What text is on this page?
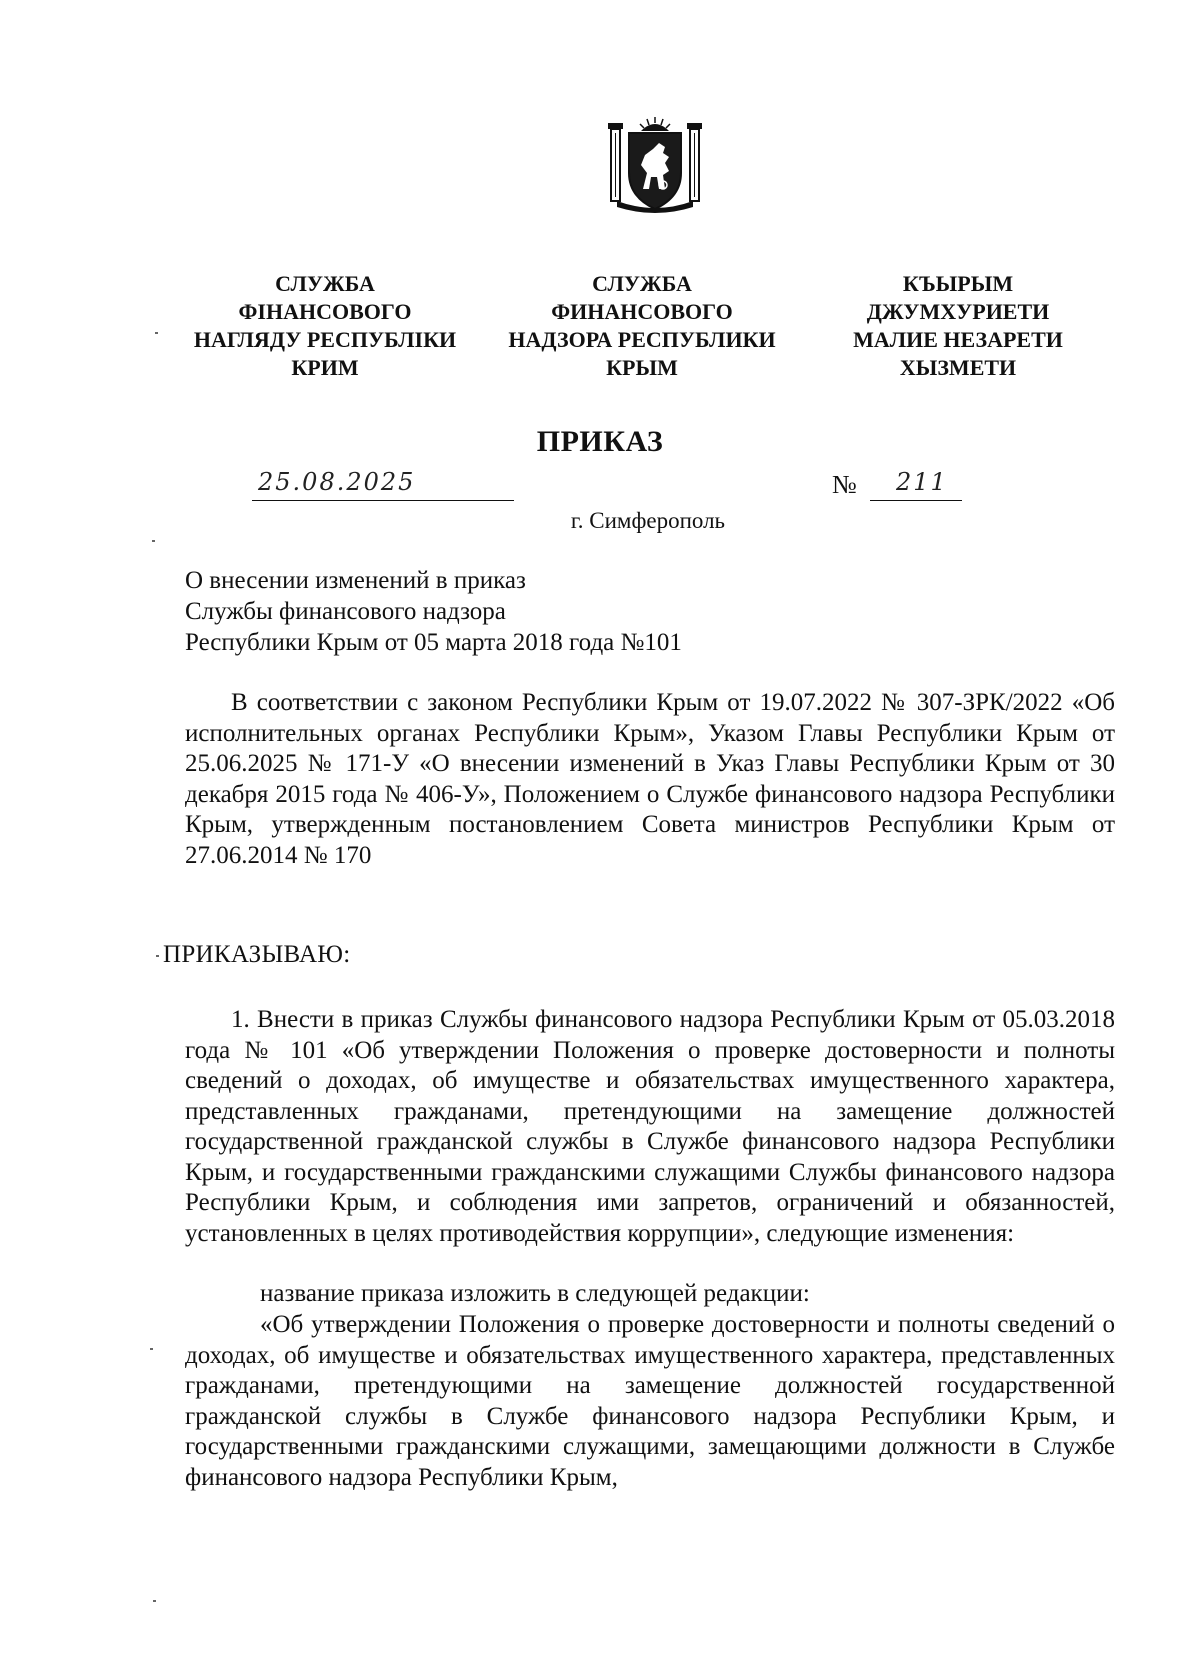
СЛУЖБА
ФІНАНСОВОГО
НАГЛЯДУ РЕСПУБЛІКИ
КРИМ
СЛУЖБА
ФИНАНСОВОГО
НАДЗОРА РЕСПУБЛИКИ
КРЫМ
КЪЫРЫМ
ДЖУМХУРИЕТИ
МАЛИЕ НЕЗАРЕТИ
ХЫЗМЕТИ
ПРИКАЗ
25.08.2025	№ 211
г. Симферополь
О внесении изменений в приказ
Службы финансового надзора
Республики Крым от 05 марта 2018 года №101
В соответствии с законом Республики Крым от 19.07.2022 № 307-ЗРК/2022 «Об исполнительных органах Республики Крым», Указом Главы Республики Крым от 25.06.2025 № 171-У «О внесении изменений в Указ Главы Республики Крым от 30 декабря 2015 года № 406-У», Положением о Службе финансового надзора Республики Крым, утвержденным постановлением Совета министров Республики Крым от 27.06.2014 № 170
ПРИКАЗЫВАЮ:
1. Внести в приказ Службы финансового надзора Республики Крым от 05.03.2018 года № 101 «Об утверждении Положения о проверке достоверности и полноты сведений о доходах, об имуществе и обязательствах имущественного характера, представленных гражданами, претендующими на замещение должностей государственной гражданской службы в Службе финансового надзора Республики Крым, и государственными гражданскими служащими Службы финансового надзора Республики Крым, и соблюдения ими запретов, ограничений и обязанностей, установленных в целях противодействия коррупции», следующие изменения:
название приказа изложить в следующей редакции:
«Об утверждении Положения о проверке достоверности и полноты сведений о доходах, об имуществе и обязательствах имущественного характера, представленных гражданами, претендующими на замещение должностей государственной гражданской службы в Службе финансового надзора Республики Крым, и государственными гражданскими служащими, замещающими должности в Службе финансового надзора Республики Крым,
